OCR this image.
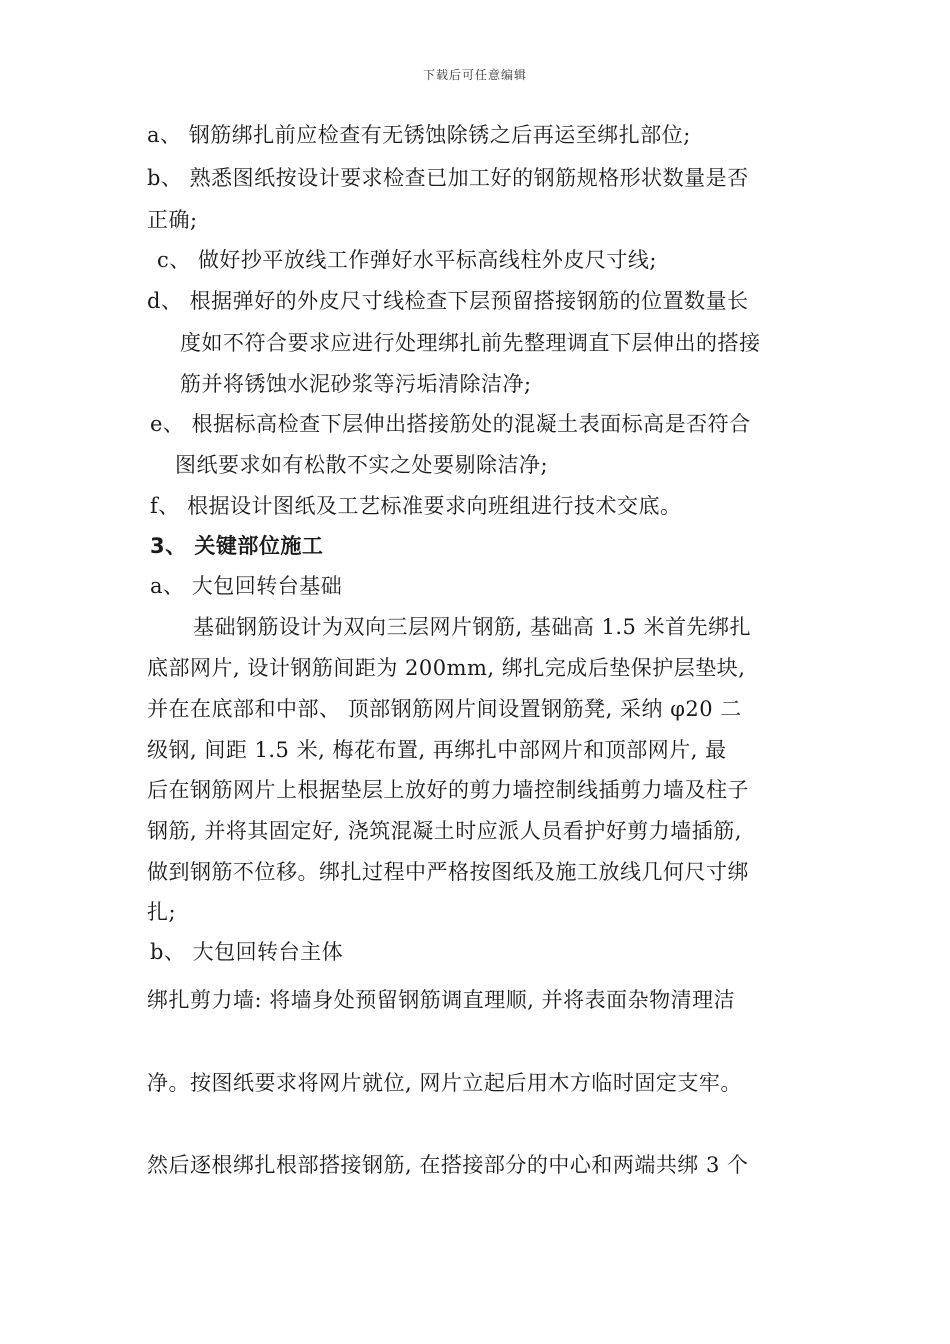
下载后可任意编辑
a、 钢筋绑扎前应检查有无锈蚀除锈之后再运至绑扎部位;
b、 熟悉图纸按设计要求检查已加工好的钢筋规格形状数量是否
正确;
c、 做好抄平放线工作弹好水平标高线柱外皮尺寸线;
d、 根据弹好的外皮尺寸线检查下层预留搭接钢筋的位置数量长
度如不符合要求应进行处理绑扎前先整理调直下层伸出的搭接
筋并将锈蚀水泥砂浆等污垢清除洁净;
e、 根据标高检查下层伸出搭接筋处的混凝土表面标高是否符合
图纸要求如有松散不实之处要剔除洁净;
f、 根据设计图纸及工艺标准要求向班组进行技术交底。
3、 关键部位施工
a、 大包回转台基础
基础钢筋设计为双向三层网片钢筋, 基础高 1.5 米首先绑扎
底部网片, 设计钢筋间距为 200mm, 绑扎完成后垫保护层垫块,
并在在底部和中部、 顶部钢筋网片间设置钢筋凳, 采纳 φ20 二
级钢, 间距 1.5 米, 梅花布置, 再绑扎中部网片和顶部网片, 最
后在钢筋网片上根据垫层上放好的剪力墙控制线插剪力墙及柱子
钢筋, 并将其固定好, 浇筑混凝土时应派人员看护好剪力墙插筋,
做到钢筋不位移。绑扎过程中严格按图纸及施工放线几何尺寸绑
扎;
b、 大包回转台主体
绑扎剪力墙: 将墙身处预留钢筋调直理顺, 并将表面杂物清理洁
净。按图纸要求将网片就位, 网片立起后用木方临时固定支牢。
然后逐根绑扎根部搭接钢筋, 在搭接部分的中心和两端共绑 3 个
